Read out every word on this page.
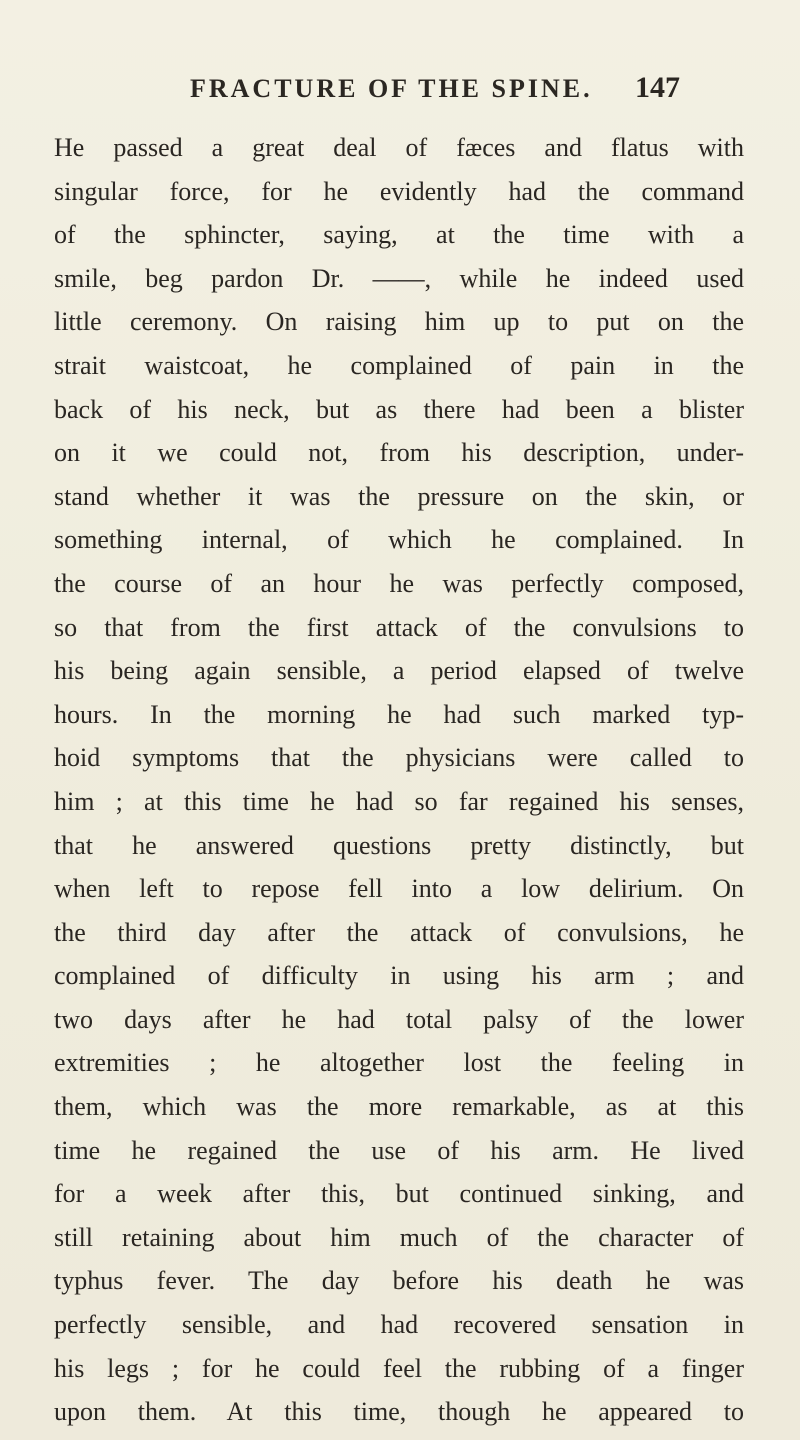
FRACTURE OF THE SPINE. 147
He passed a great deal of fæces and flatus with
singular force, for he evidently had the command
of the sphincter, saying, at the time with a
smile, beg pardon Dr. ——, while he indeed used
little ceremony. On raising him up to put on the
strait waistcoat, he complained of pain in the
back of his neck, but as there had been a blister
on it we could not, from his description, under-
stand whether it was the pressure on the skin, or
something internal, of which he complained. In
the course of an hour he was perfectly composed,
so that from the first attack of the convulsions to
his being again sensible, a period elapsed of twelve
hours. In the morning he had such marked typ-
hoid symptoms that the physicians were called to
him ; at this time he had so far regained his senses,
that he answered questions pretty distinctly, but
when left to repose fell into a low delirium. On
the third day after the attack of convulsions, he
complained of difficulty in using his arm ; and
two days after he had total palsy of the lower
extremities ; he altogether lost the feeling in
them, which was the more remarkable, as at this
time he regained the use of his arm. He lived
for a week after this, but continued sinking, and
still retaining about him much of the character of
typhus fever. The day before his death he was
perfectly sensible, and had recovered sensation in
his legs ; for he could feel the rubbing of a finger
upon them. At this time, though he appeared to
